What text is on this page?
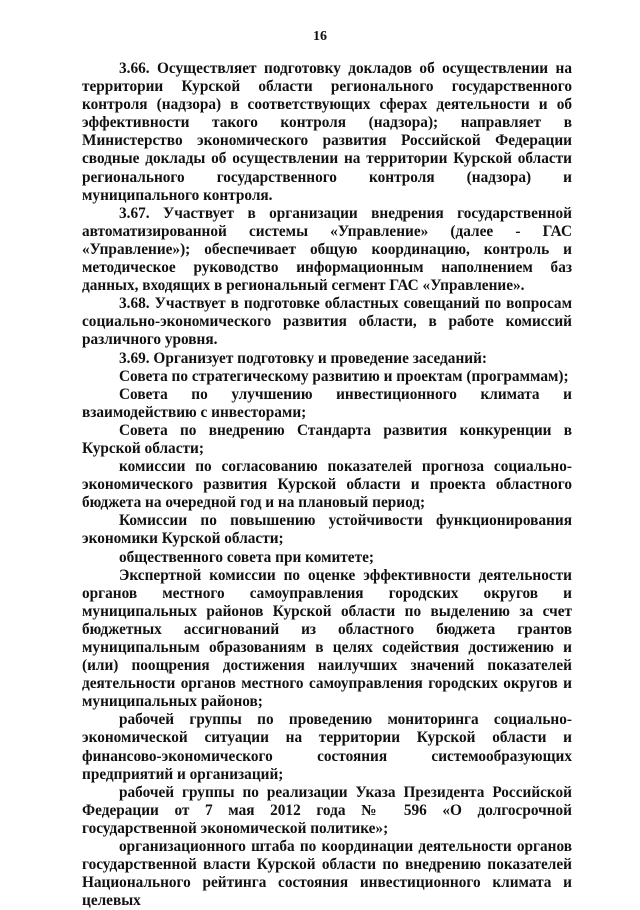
16

3.66. Осуществляет подготовку докладов об осуществлении на территории Курской области регионального государственного контроля (надзора) в соответствующих сферах деятельности и об эффективности такого контроля (надзора); направляет в Министерство экономического развития Российской Федерации сводные доклады об осуществлении на территории Курской области регионального государственного контроля (надзора) и муниципального контроля.

3.67. Участвует в организации внедрения государственной автоматизированной системы «Управление» (далее - ГАС «Управление»); обеспечивает общую координацию, контроль и методическое руководство информационным наполнением баз данных, входящих в региональный сегмент ГАС «Управление».

3.68. Участвует в подготовке областных совещаний по вопросам социально-экономического развития области, в работе комиссий различного уровня.

3.69. Организует подготовку и проведение заседаний:

Совета по стратегическому развитию и проектам (программам);

Совета по улучшению инвестиционного климата и взаимодействию с инвесторами;

Совета по внедрению Стандарта развития конкуренции в Курской области;

комиссии по согласованию показателей прогноза социально-экономического развития Курской области и проекта областного бюджета на очередной год и на плановый период;

Комиссии по повышению устойчивости функционирования экономики Курской области;

общественного совета при комитете;

Экспертной комиссии по оценке эффективности деятельности органов местного самоуправления городских округов и муниципальных районов Курской области по выделению за счет бюджетных ассигнований из областного бюджета грантов муниципальным образованиям в целях содействия достижению и (или) поощрения достижения наилучших значений показателей деятельности органов местного самоуправления городских округов и муниципальных районов;

рабочей группы по проведению мониторинга социально-экономической ситуации на территории Курской области и финансово-экономического состояния системообразующих предприятий и организаций;

рабочей группы по реализации Указа Президента Российской Федерации от 7 мая 2012 года № 596 «О долгосрочной государственной экономической политике»;

организационного штаба по координации деятельности органов государственной власти Курской области по внедрению показателей Национального рейтинга состояния инвестиционного климата и целевых
